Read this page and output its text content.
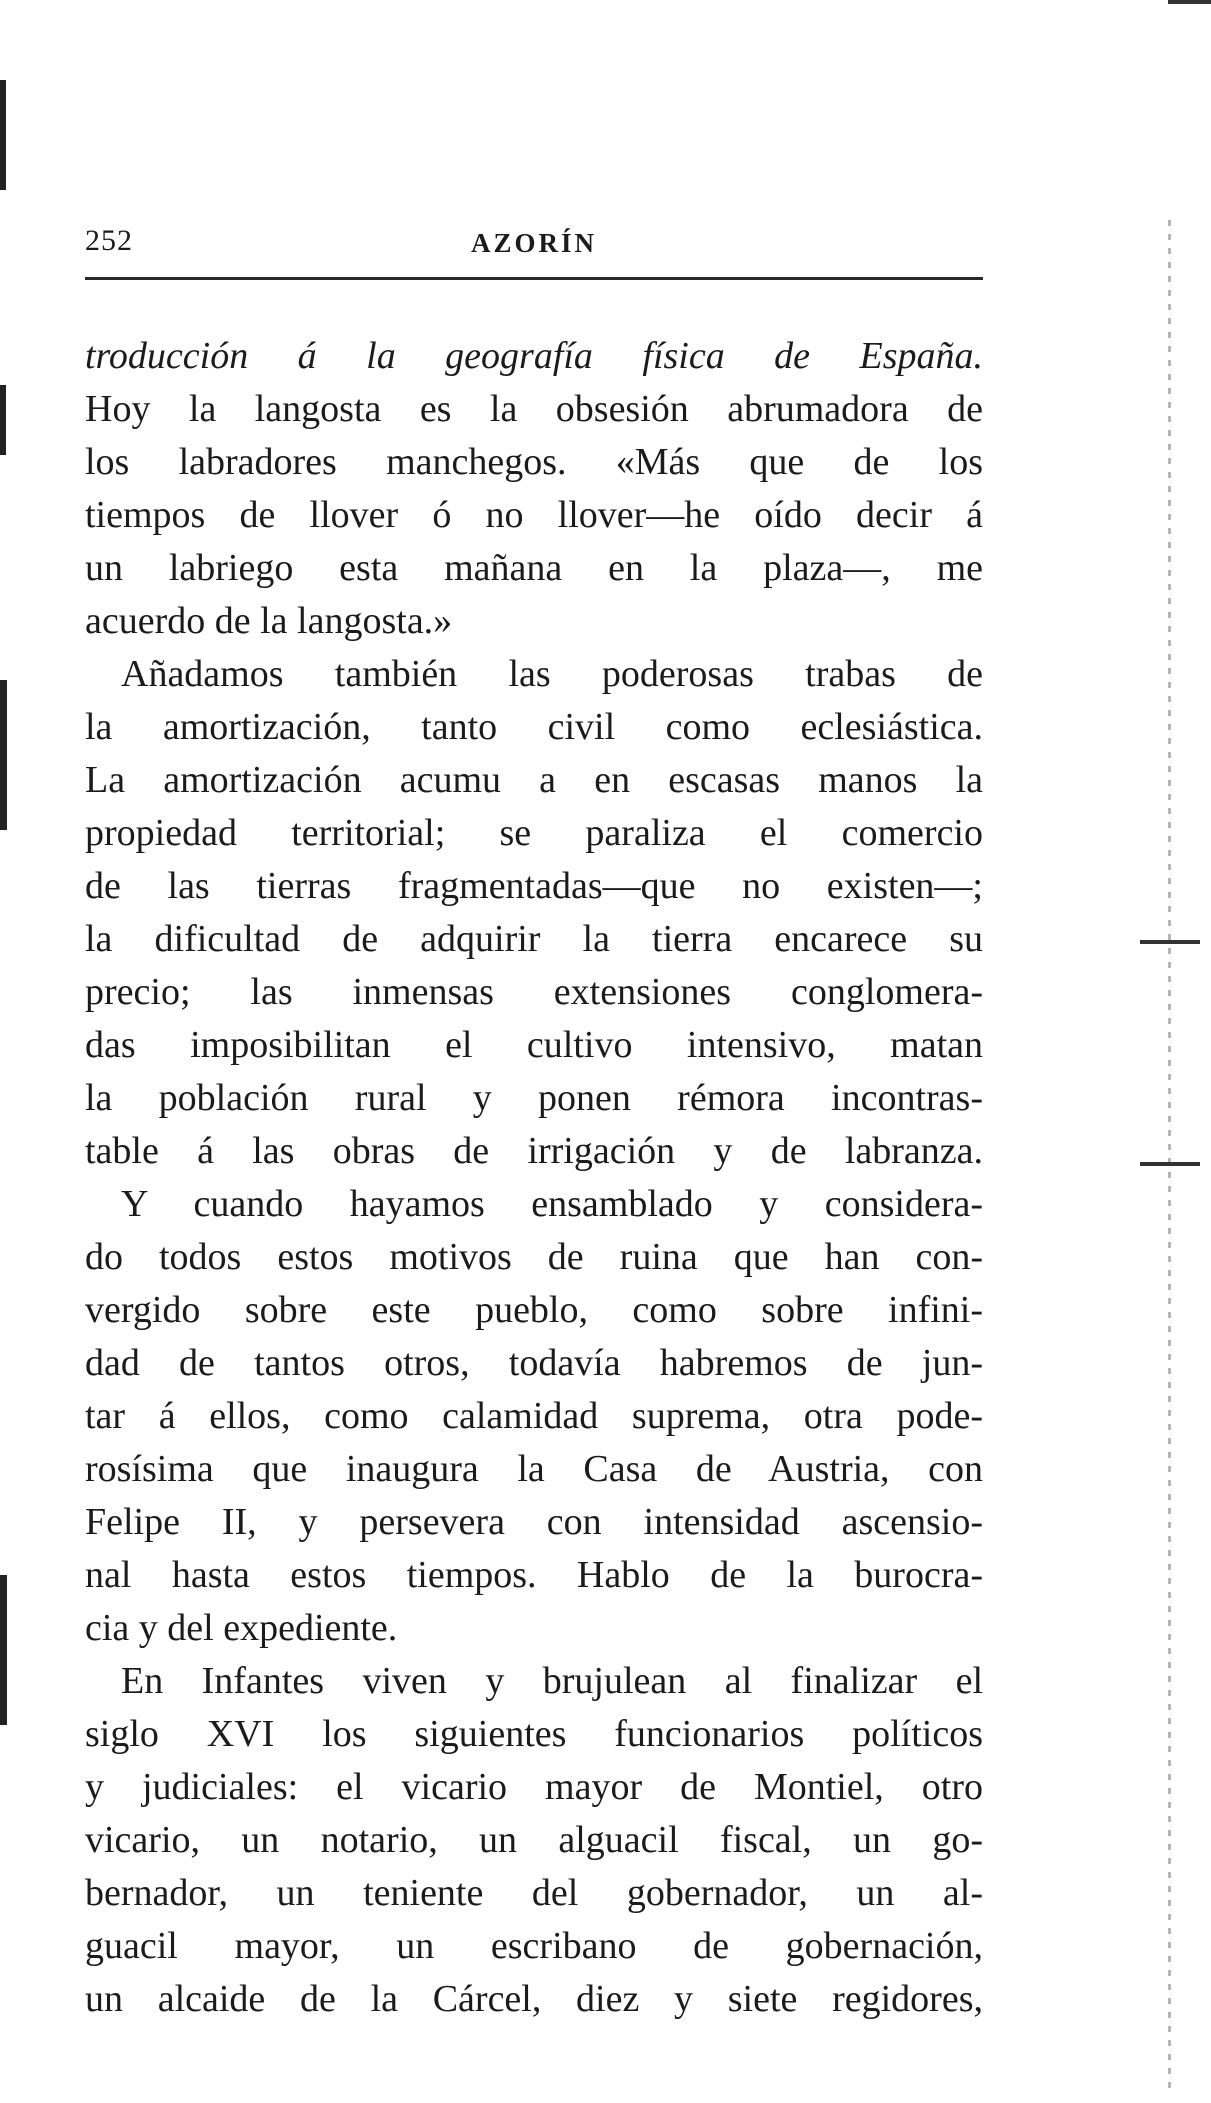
252	AZORÍN
troducción á la geografía física de España.
Hoy la langosta es la obsesión abrumadora de
los labradores manchegos. «Más que de los
tiempos de llover ó no llover—he oído decir á
un labriego esta mañana en la plaza—, me
acuerdo de la langosta.»
Añadamos también las poderosas trabas de
la amortización, tanto civil como eclesiástica.
La amortización acumu a en escasas manos la
propiedad territorial; se paraliza el comercio
de las tierras fragmentadas—que no existen—;
la dificultad de adquirir la tierra encarece su
precio; las inmensas extensiones conglomera-
das imposibilitan el cultivo intensivo, matan
la población rural y ponen rémora incontras-
table á las obras de irrigación y de labranza.
Y cuando hayamos ensamblado y considera-
do todos estos motivos de ruina que han con-
vergido sobre este pueblo, como sobre infini-
dad de tantos otros, todavía habremos de jun-
tar á ellos, como calamidad suprema, otra pode-
rosísima que inaugura la Casa de Austria, con
Felipe II, y persevera con intensidad ascensio-
nal hasta estos tiempos. Hablo de la burocra-
cia y del expediente.
En Infantes viven y brujulean al finalizar el
siglo XVI los siguientes funcionarios políticos
y judiciales: el vicario mayor de Montiel, otro
vicario, un notario, un alguacil fiscal, un go-
bernador, un teniente del gobernador, un al-
guacil mayor, un escribano de gobernación,
un alcaide de la Cárcel, diez y siete regidores,
